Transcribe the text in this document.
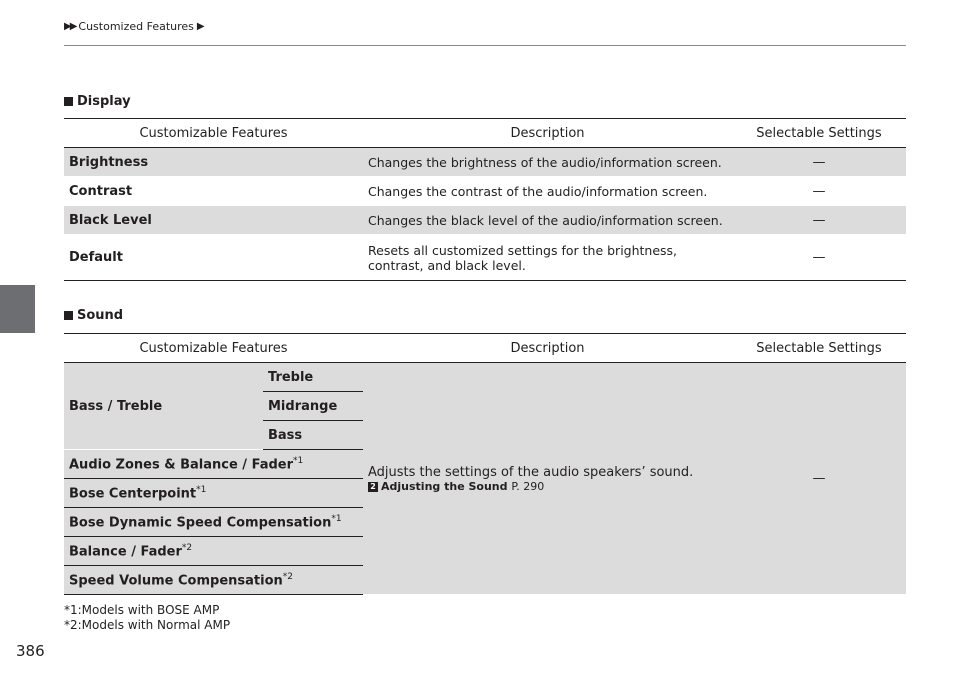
▶▶ Customized Features ▶
Display
Customizable Features	Description	Selectable Settings
Brightness	Changes the brightness of the audio/information screen.	—
Contrast	Changes the contrast of the audio/information screen.	—
Black Level	Changes the black level of the audio/information screen.	—
Default	Resets all customized settings for the brightness,
contrast, and black level.	—
Sound
Customizable Features		Description	Selectable Settings
Bass / Treble	Treble	Adjusts the settings of the audio speakers’ sound.
2 Adjusting the Sound P. 290	—
	Midrange		
	Bass		
Audio Zones & Balance / Fader$^{*1}$
Bose Centerpoint$^{*1}$
Bose Dynamic Speed Compensation$^{*1}$
Balance / Fader$^{*2}$
Speed Volume Compensation$^{*2}$
*1:Models with BOSE AMP
*2:Models with Normal AMP
386
